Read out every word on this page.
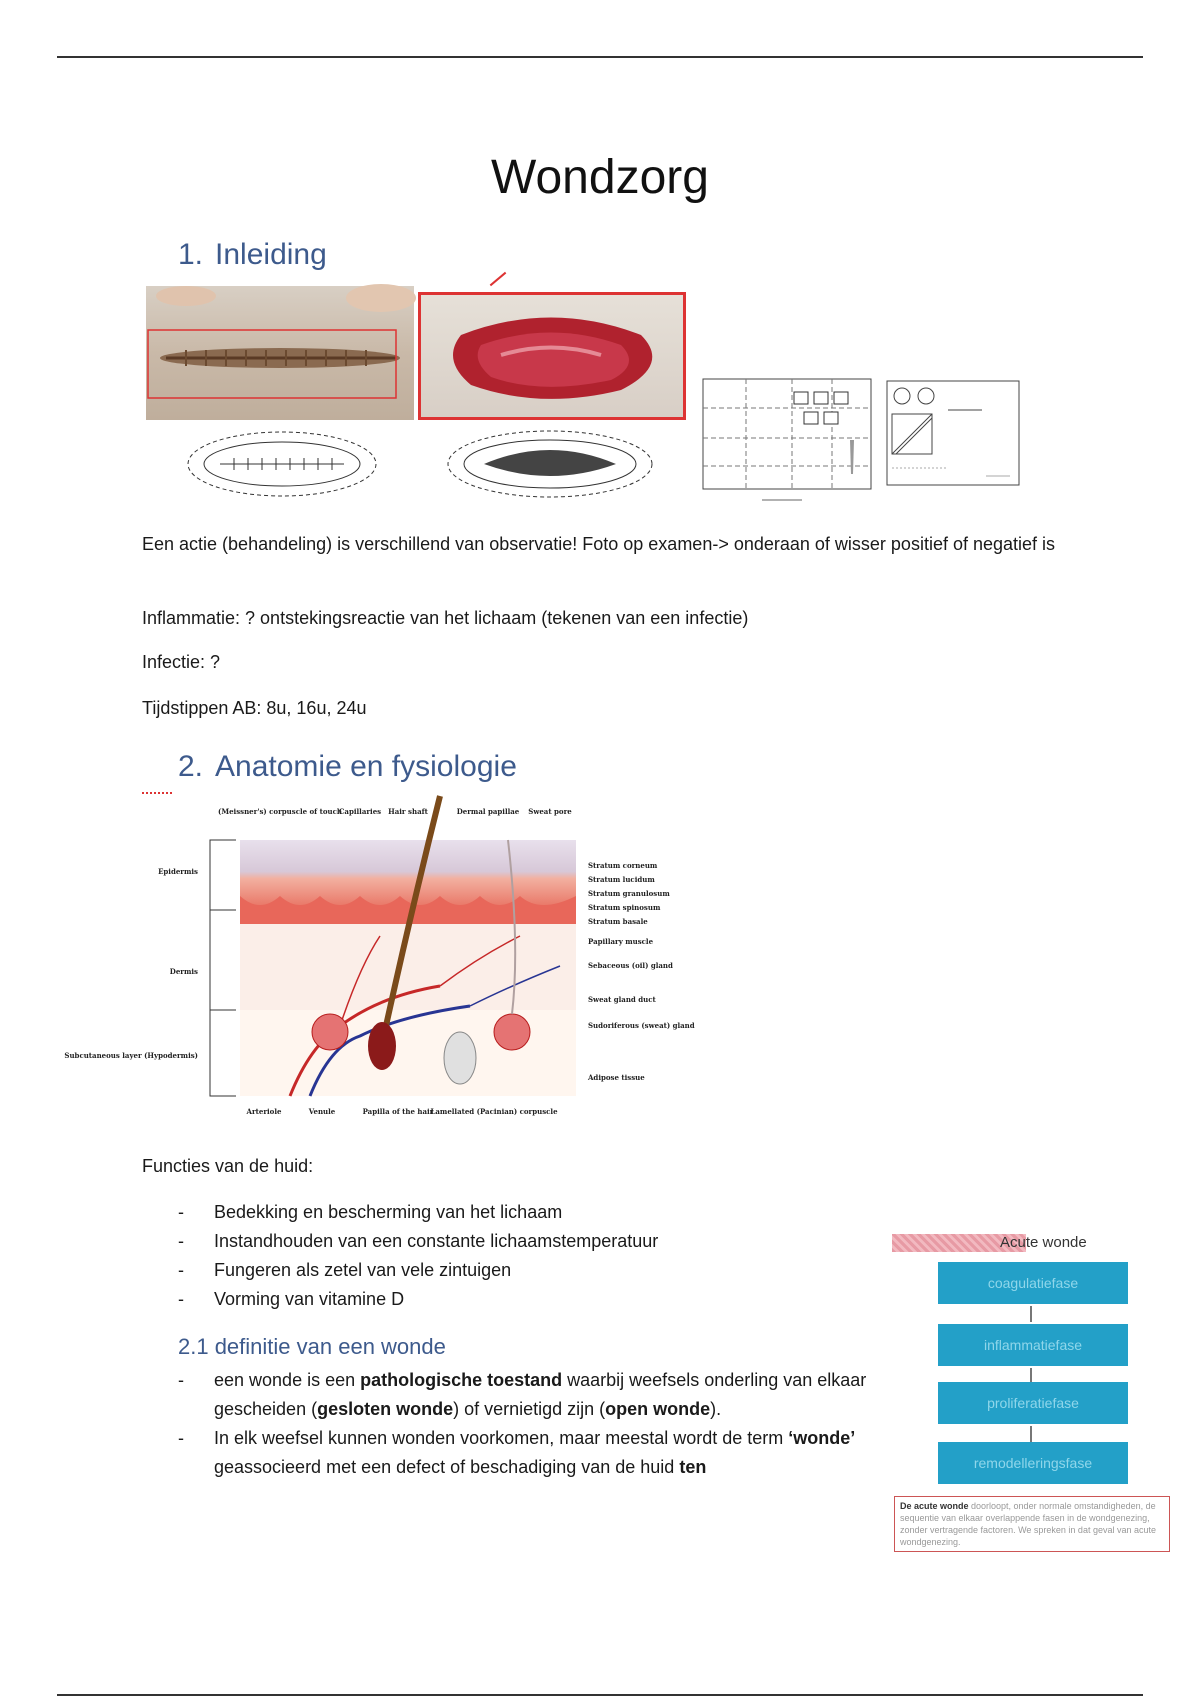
Wondzorg
1. Inleiding
Een actie (behandeling) is verschillend van observatie! Foto op examen-> onderaan of wisser positief of negatief is
Inflammatie: ? ontstekingsreactie van het lichaam (tekenen van een infectie)
Infectie: ?
Tijdstippen AB: 8u, 16u, 24u
2. Anatomie en fysiologie
(Meissner's) corpuscle of touch
Capillaries Hair shaft	Dermal papillae Sweat pore
Epidermis
Dermis
Subcutaneous layer (Hypodermis)
Stratum corneum
Stratum lucidum
Stratum granulosum
Stratum spinosum
Stratum basale
Papillary muscle
Sebaceous (oil) gland
Sweat gland duct
Sudoriferous (sweat) gland
Adipose tissue
Arteriole	Venule	Papilla of the hair
Lamellated (Pacinian) corpuscle
Functies van de huid:
- Bedekking en bescherming van het lichaam
- Instandhouden van een constante lichaamstemperatuur
- Fungeren als zetel van vele zintuigen
- Vorming van vitamine D
2.1 definitie van een wonde
- een wonde is een pathologische toestand waarbij weefsels onderling van elkaar gescheiden (gesloten wonde) of vernietigd zijn (open wonde).
- In elk weefsel kunnen wonden voorkomen, maar meestal wordt de term ‘wonde’ geassocieerd met een defect of beschadiging van de huid ten
Acute wonde
coagulatiefase
inflammatiefase
proliferatiefase
remodelleringsfase
De acute wonde doorloopt, onder normale omstandigheden, de sequentie van elkaar overlappende fasen in de wondgenezing, zonder vertragende factoren. We spreken in dat geval van acute wondgenezing.
